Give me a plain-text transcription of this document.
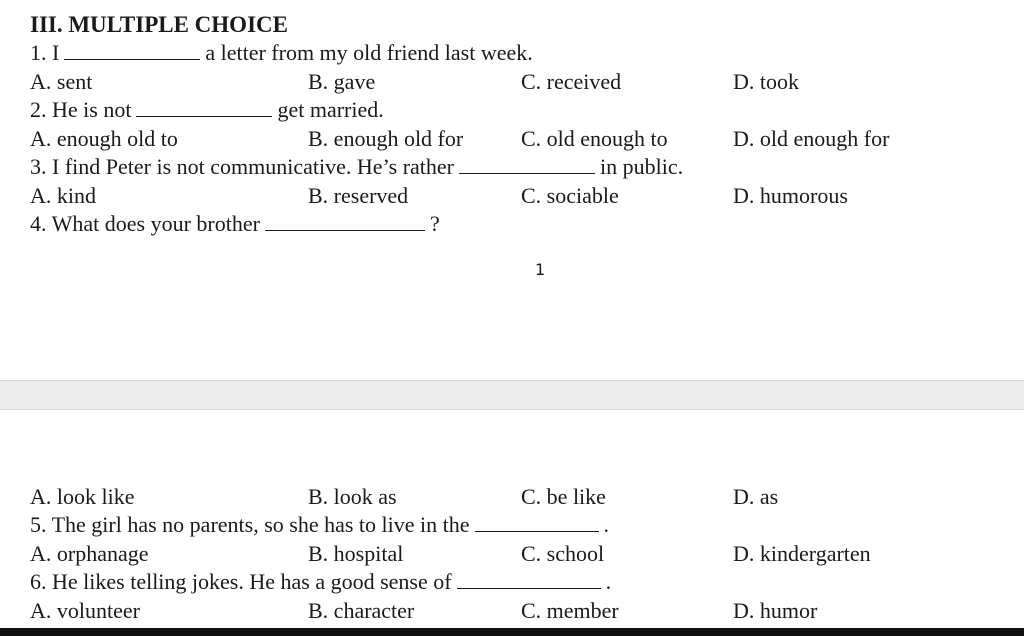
III. MULTIPLE CHOICE
1. I	a letter from my old friend last week.
A. sent	B. gave	C. received	D. took
2. He is not	get married.
A. enough old to	B. enough old for	C. old enough to	D. old enough for
3. I find Peter is not communicative. He’s rather	in public.
A. kind	B. reserved	C. sociable	D. humorous
4. What does your brother	?
1
A. look like	B. look as	C. be like	D. as
5. The girl has no parents, so she has to live in the	.
A. orphanage	B. hospital	C. school	D. kindergarten
6. He likes telling jokes. He has a good sense of	.
A. volunteer	B. character	C. member	D. humor
